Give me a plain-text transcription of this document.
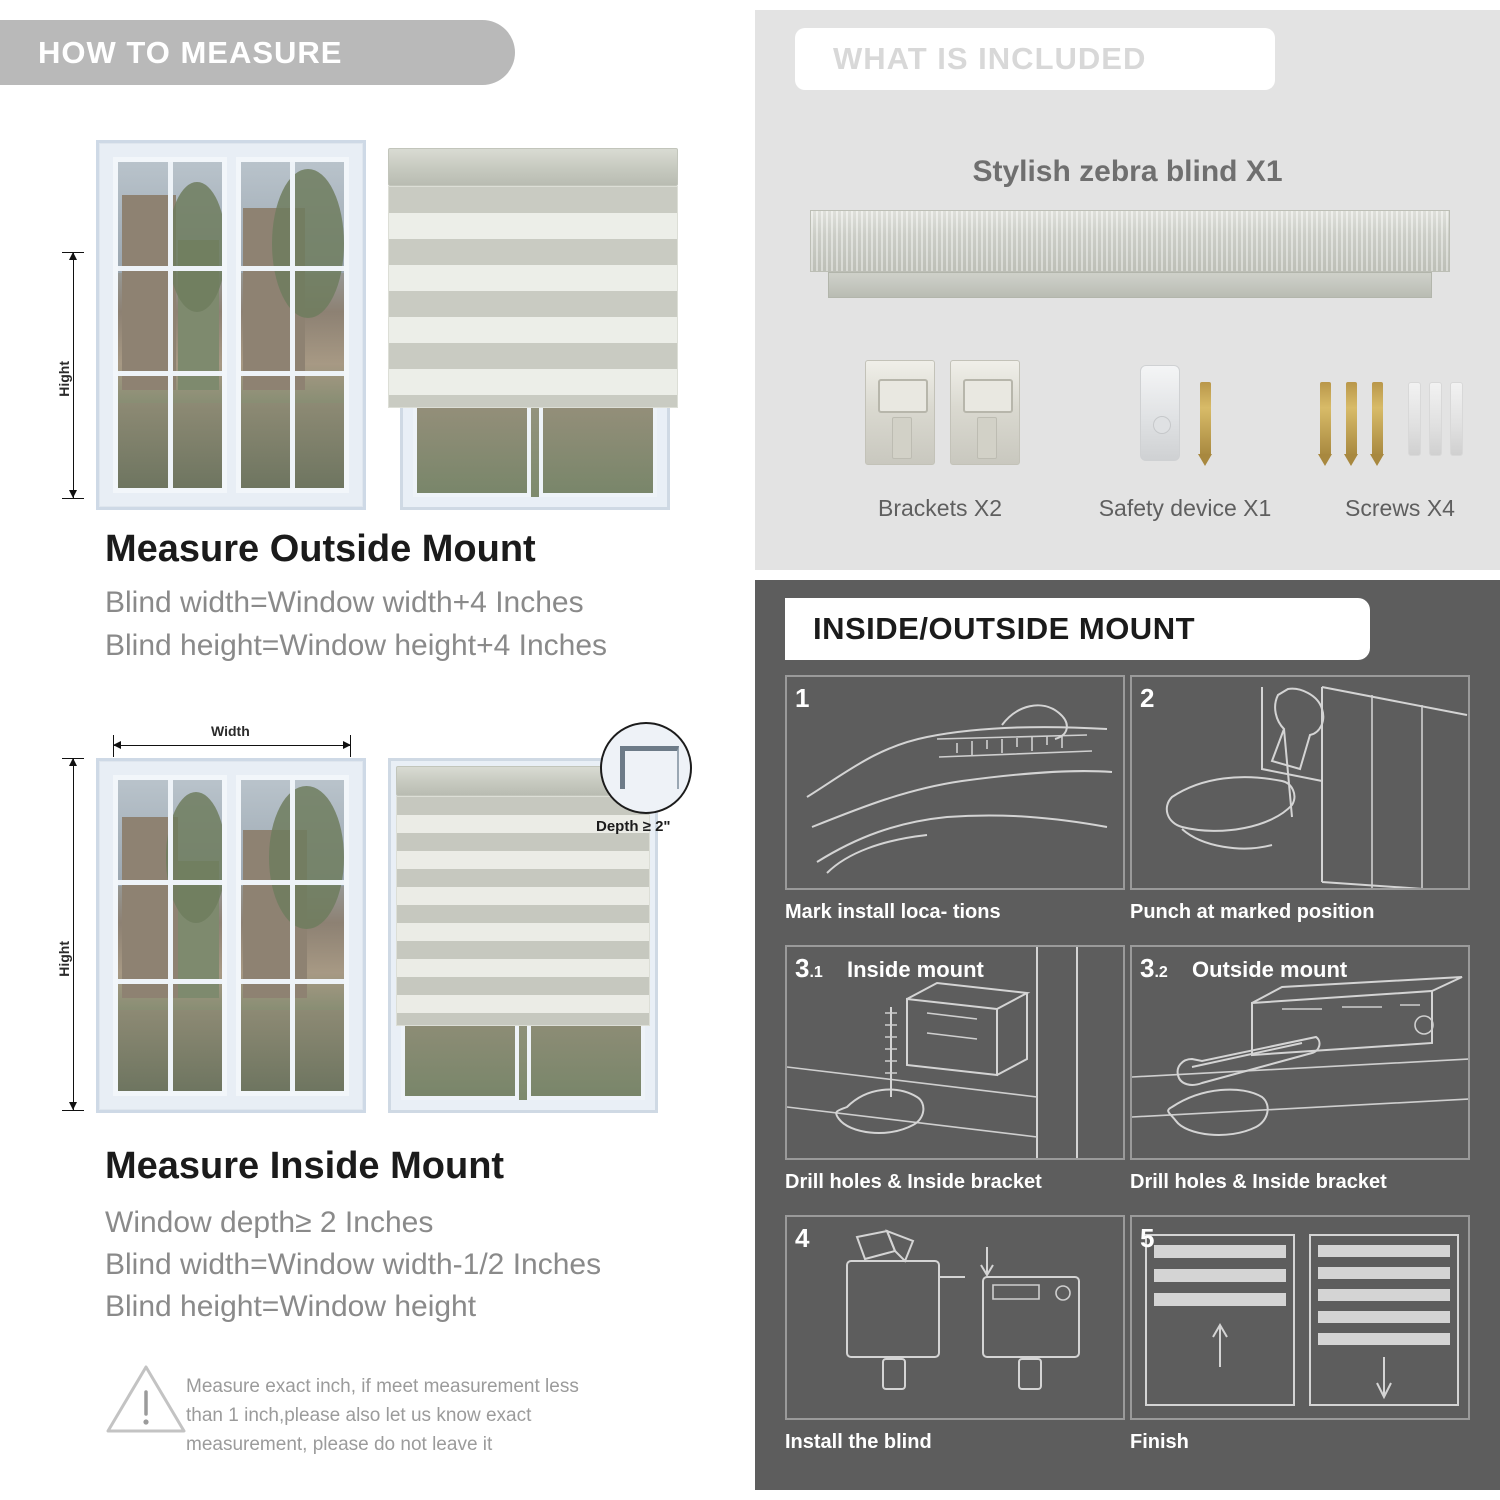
HOW TO MEASURE
Hight
Measure Outside Mount
Blind width=Window width+4 Inches
Blind height=Window height+4 Inches
Width
Hight
Depth ≥ 2"
Measure Inside Mount
Window depth≥ 2 Inches
Blind width=Window width-1/2 Inches
Blind height=Window height
Measure exact inch, if meet measurement less
than 1 inch,please also let us know exact
measurement, please do not leave it
WHAT IS INCLUDED
Stylish zebra blind X1
Brackets X2	Safety device X1	Screws X4
INSIDE/OUTSIDE MOUNT
1
Mark install loca- tions
2
Punch at marked position
3.1 Inside mount
Drill holes & Inside bracket
3.2 Outside mount
Drill holes & Inside bracket
4
Install the blind
5
Finish
